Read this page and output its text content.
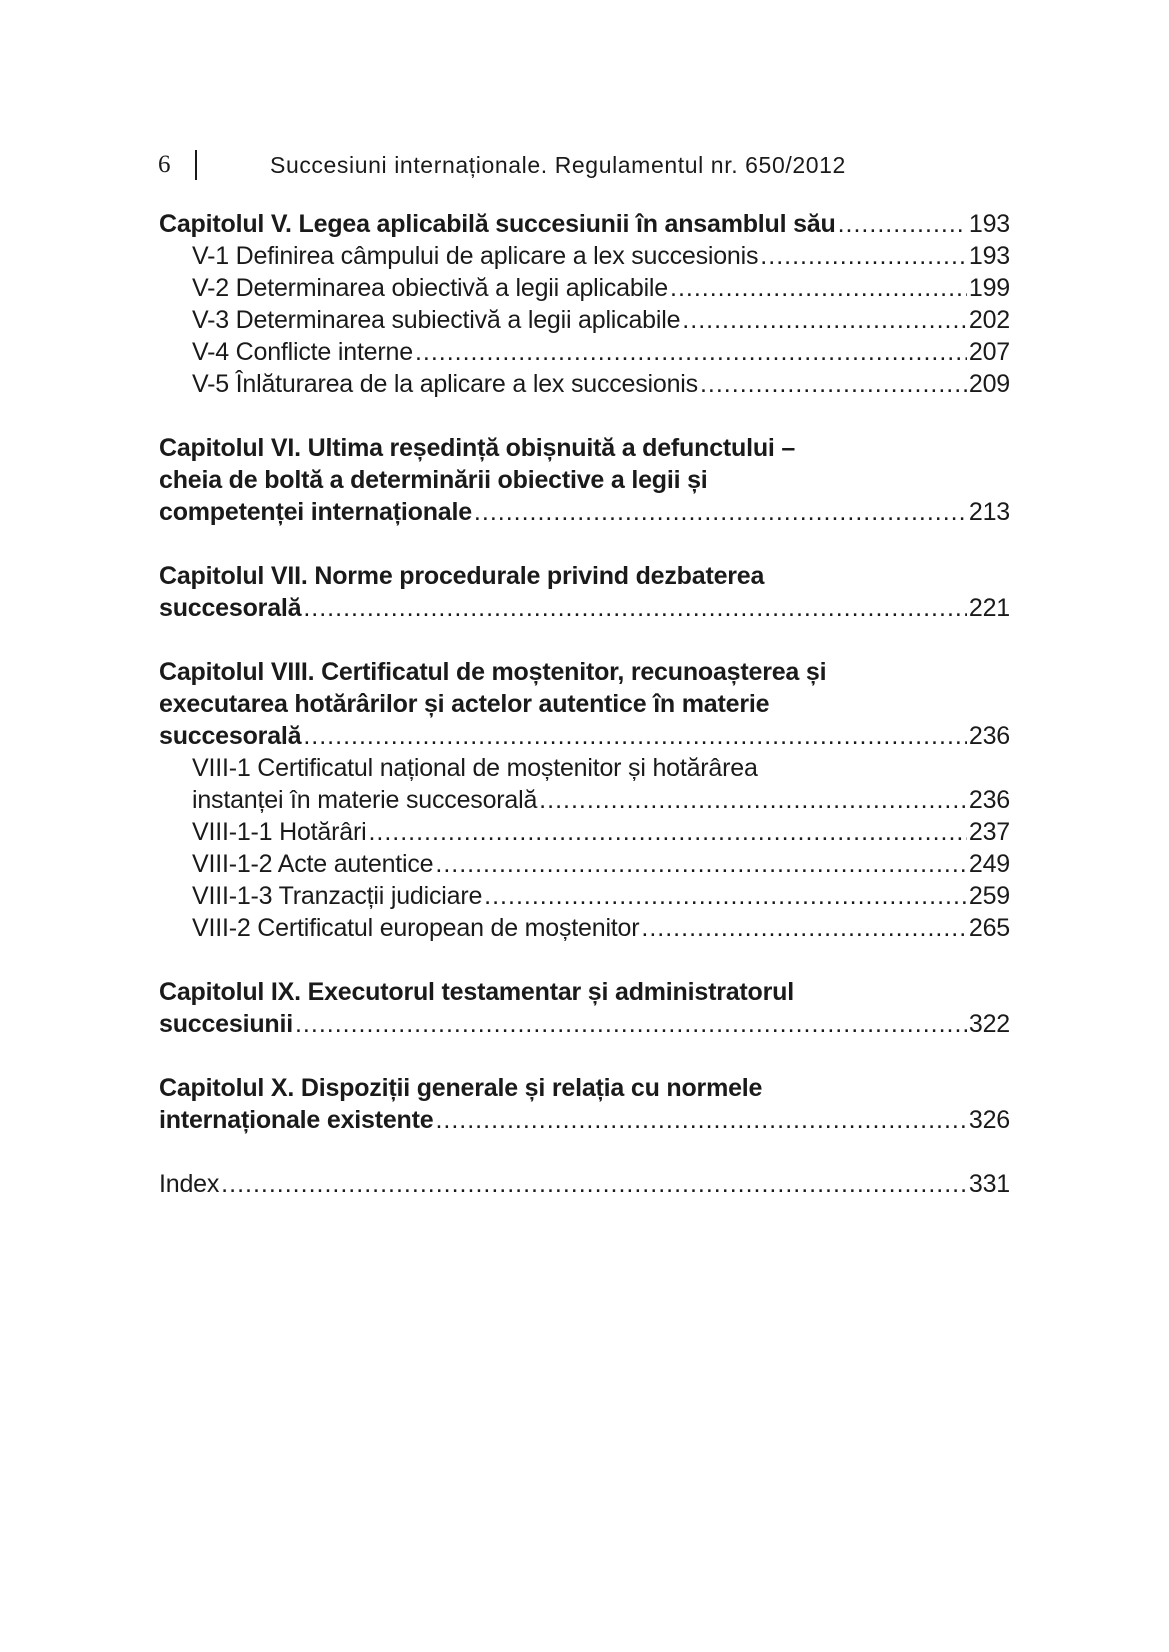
6	Succesiuni internaționale. Regulamentul nr. 650/2012
Capitolul V. Legea aplicabilă succesiunii în ansamblul său .....	193
V-1 Definirea câmpului de aplicare a lex succesionis .....	193
V-2 Determinarea obiectivă a legii aplicabile .....	199
V-3 Determinarea subiectivă a legii aplicabile .....	202
V-4 Conflicte interne .....	207
V-5 Înlăturarea de la aplicare a lex succesionis .....	209
Capitolul VI. Ultima reședință obișnuită a defunctului –
cheia de boltă a determinării obiective a legii și
competenței internaționale .....	213
Capitolul VII. Norme procedurale privind dezbaterea
succesorală .....	221
Capitolul VIII. Certificatul de moștenitor, recunoașterea și
executarea hotărârilor și actelor autentice în materie
succesorală .....	236
VIII-1 Certificatul național de moștenitor și hotărârea
instanței în materie succesorală .....	236
VIII-1-1 Hotărâri .....	237
VIII-1-2 Acte autentice .....	249
VIII-1-3 Tranzacții judiciare .....	259
VIII-2 Certificatul european de moștenitor .....	265
Capitolul IX. Executorul testamentar și administratorul
succesiunii .....	322
Capitolul X. Dispoziții generale și relația cu normele
internaționale existente .....	326
Index .....	331
